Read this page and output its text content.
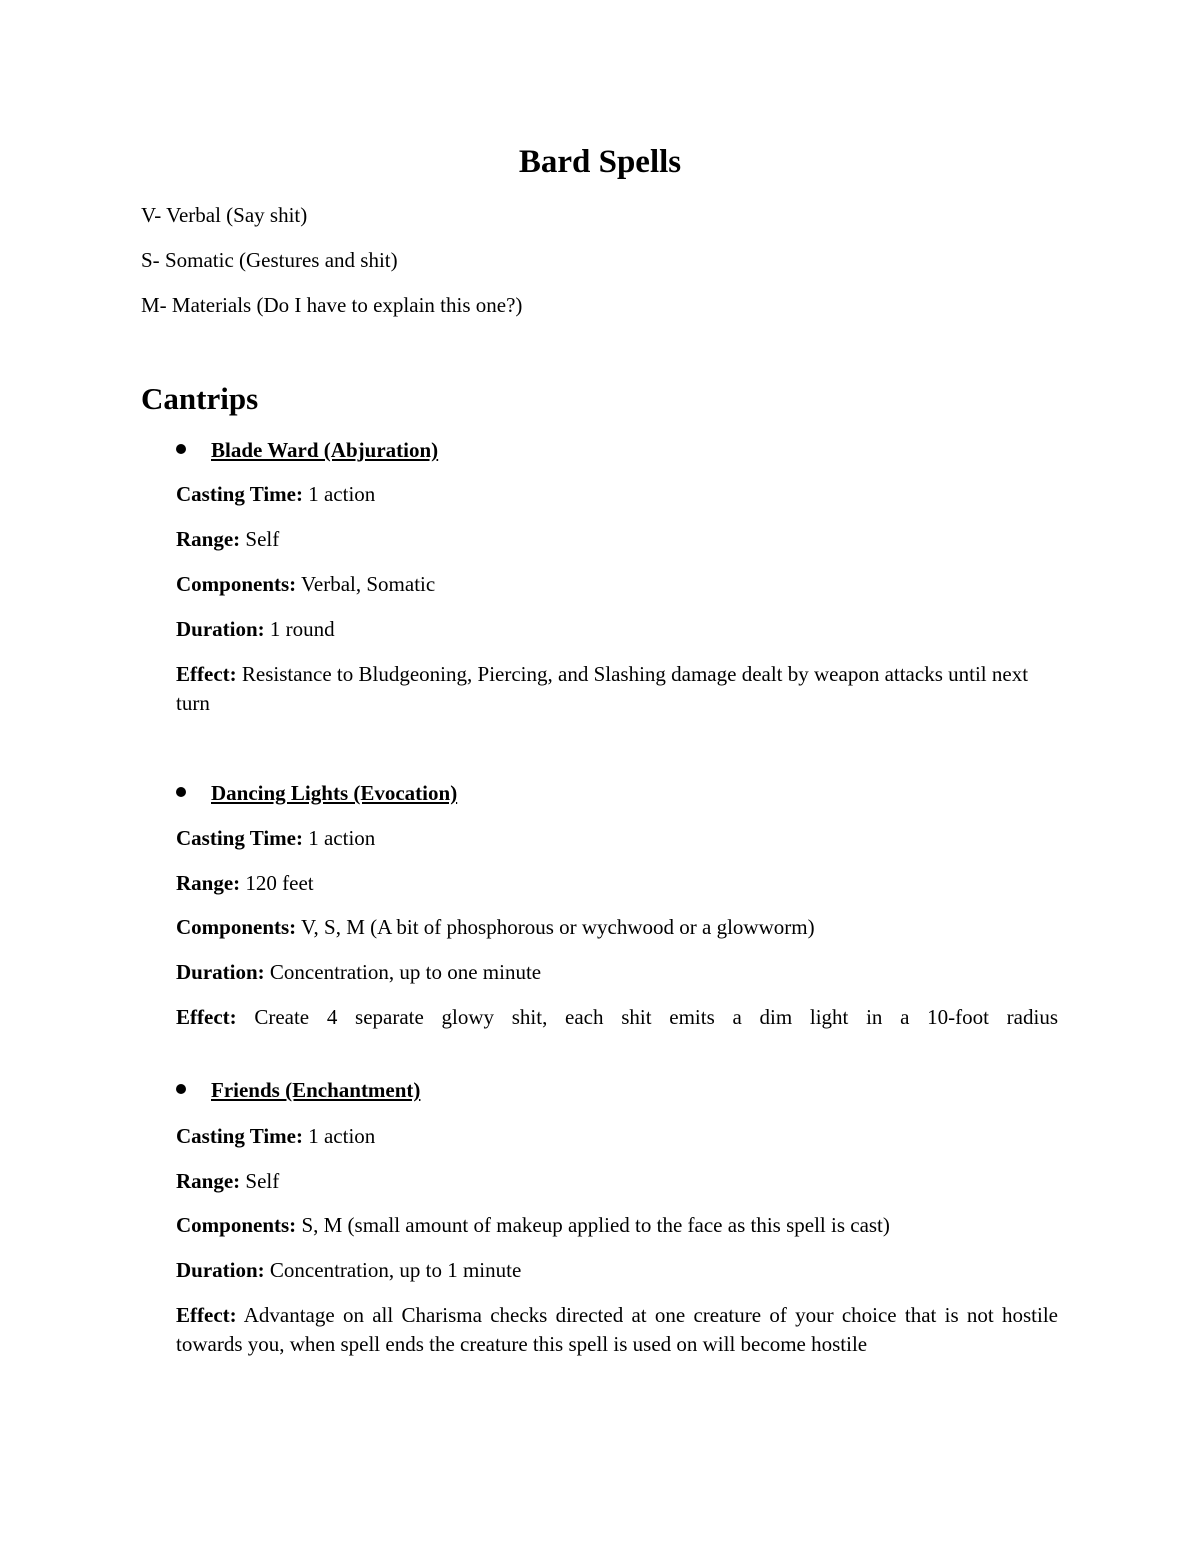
Bard Spells

V- Verbal (Say shit)

S- Somatic (Gestures and shit)

M- Materials (Do I have to explain this one?)

Cantrips

Blade Ward (Abjuration)

Casting Time: 1 action

Range: Self

Components: Verbal, Somatic

Duration: 1 round

Effect: Resistance to Bludgeoning, Piercing, and Slashing damage dealt by weapon attacks until next turn

Dancing Lights (Evocation)

Casting Time: 1 action

Range: 120 feet

Components: V, S, M (A bit of phosphorous or wychwood or a glowworm)

Duration: Concentration, up to one minute

Effect: Create 4 separate glowy shit, each shit emits a dim light in a 10-foot radius

Friends (Enchantment)

Casting Time: 1 action

Range: Self

Components: S, M (small amount of makeup applied to the face as this spell is cast)

Duration: Concentration, up to 1 minute

Effect: Advantage on all Charisma checks directed at one creature of your choice that is not hostile towards you, when spell ends the creature this spell is used on will become hostile
